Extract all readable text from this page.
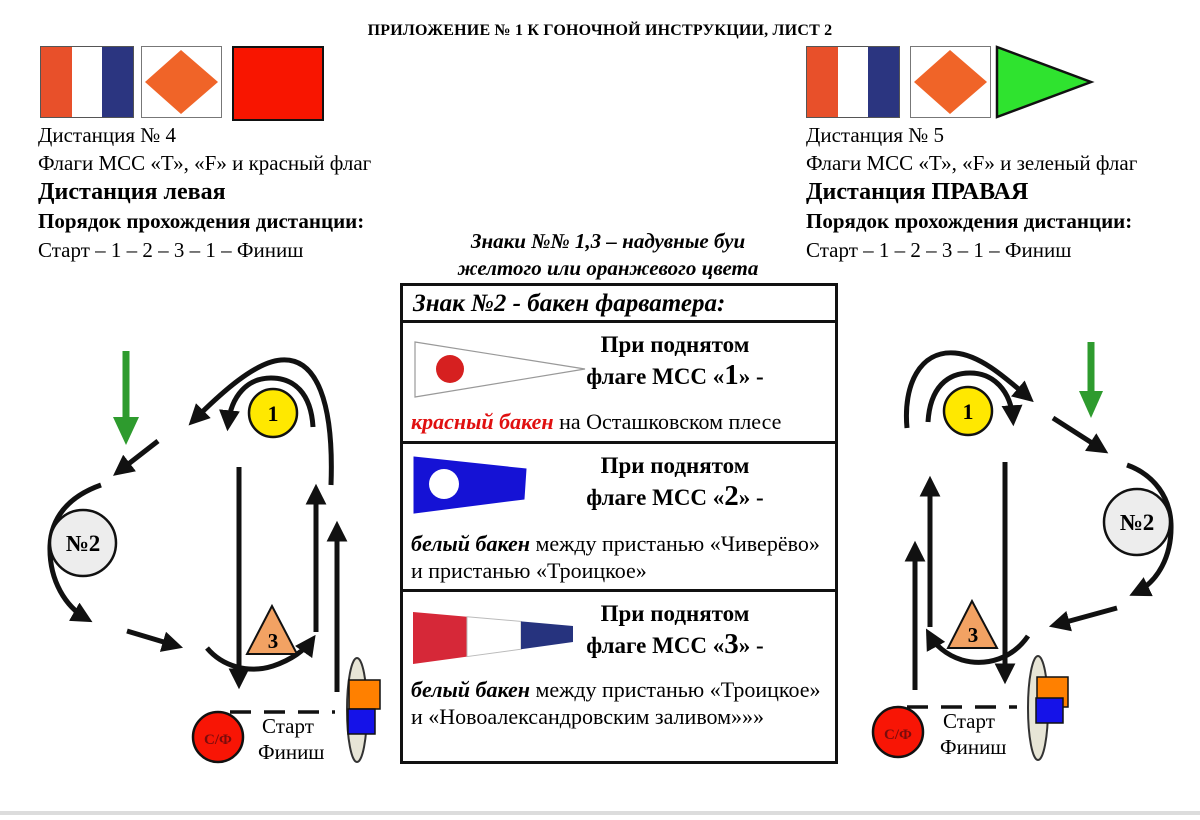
ПРИЛОЖЕНИЕ № 1 К ГОНОЧНОЙ ИНСТРУКЦИИ, ЛИСТ 2

Дистанция № 4

Флаги МСС «Т», «F» и красный флаг

Дистанция левая

Порядок прохождения дистанции:

Старт – 1 – 2 – 3 – 1 – Финиш

Дистанция № 5

Флаги МСС «Т», «F» и зеленый флаг

Дистанция ПРАВАЯ

Порядок прохождения дистанции:

Старт – 1 – 2 – 3 – 1 – Финиш

Знаки №№ 1,3 – надувные буи
желтого или оранжевого цвета
Знак №2 - бакен фарватера:
При поднятом
флаге МСС «1» -
красный бакен на Осташковском плесе
При поднятом
флаге МСС «2» -
белый бакен между пристанью «Чиверёво» и пристанью «Троицкое»
При поднятом
флаге МСС «3» -
белый бакен между пристанью «Троицкое» и «Новоалександровским заливом»»»
1
№2
3
С/Ф
Старт
Финиш
1
№2
3
С/Ф
Старт
Финиш
